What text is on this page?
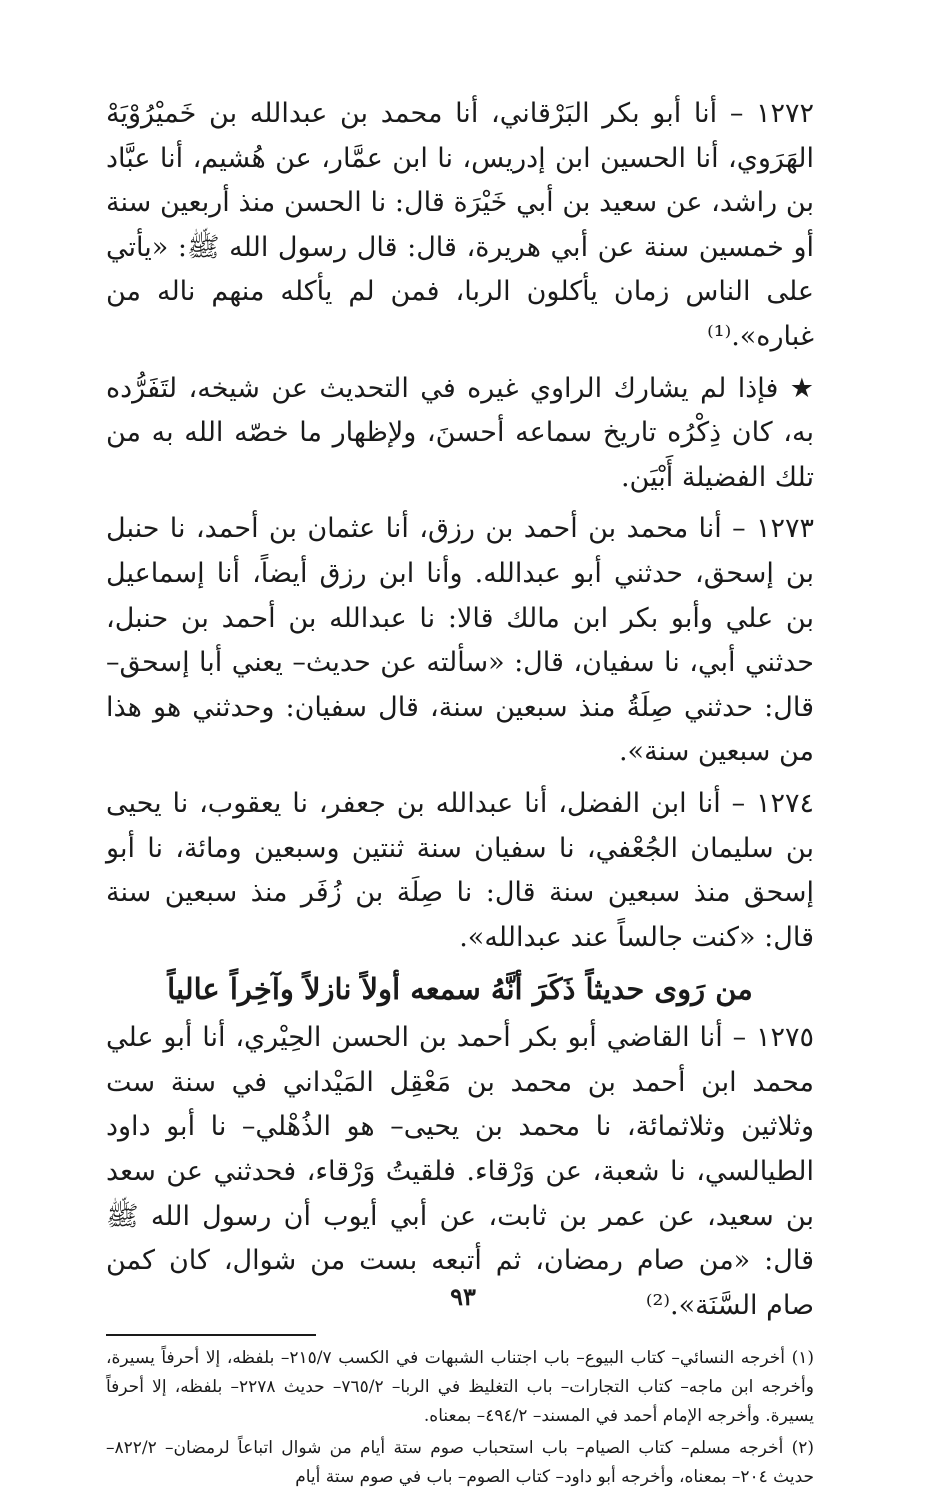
١٢٧٢ – أنا أبو بكر البَرْقاني، أنا محمد بن عبدالله بن خَميْرُوْيَهْ الهَرَوي، أنا الحسين ابن إدريس، نا ابن عمَّار، عن هُشيم، أنا عبَّاد بن راشد، عن سعيد بن أبي خَيْرَة قال: نا الحسن منذ أربعين سنة أو خمسين سنة عن أبي هريرة، قال: قال رسول الله ﷺ: «يأتي على الناس زمان يأكلون الربا، فمن لم يأكله منهم ناله من غباره».⁽¹⁾

★ فإذا لم يشارك الراوي غيره في التحديث عن شيخه، لتَفَرُّده به، كان ذِكْرُه تاريخ سماعه أحسنَ، ولإظهار ما خصّه الله به من تلك الفضيلة أَبْيَن.

١٢٧٣ – أنا محمد بن أحمد بن رزق، أنا عثمان بن أحمد، نا حنبل بن إسحق، حدثني أبو عبدالله. وأنا ابن رزق أيضاً، أنا إسماعيل بن علي وأبو بكر ابن مالك قالا: نا عبدالله بن أحمد بن حنبل، حدثني أبي، نا سفيان، قال: «سألته عن حديث– يعني أبا إسحق– قال: حدثني صِلَةُ منذ سبعين سنة، قال سفيان: وحدثني هو هذا من سبعين سنة».

١٢٧٤ – أنا ابن الفضل، أنا عبدالله بن جعفر، نا يعقوب، نا يحيى بن سليمان الجُعْفي، نا سفيان سنة ثنتين وسبعين ومائة، نا أبو إسحق منذ سبعين سنة قال: نا صِلَة بن زُفَر منذ سبعين سنة قال: «كنت جالساً عند عبدالله».

من رَوى حديثاً ذَكَرَ أنَّهُ سمعه أولاً نازلاً وآخِراً عالياً

١٢٧٥ – أنا القاضي أبو بكر أحمد بن الحسن الحِيْري، أنا أبو علي محمد ابن أحمد بن محمد بن مَعْقِل المَيْداني في سنة ست وثلاثين وثلاثمائة، نا محمد بن يحيى– هو الذُهْلي– نا أبو داود الطيالسي، نا شعبة، عن وَرْقاء. فلقيتُ وَرْقاء، فحدثني عن سعد بن سعيد، عن عمر بن ثابت، عن أبي أيوب أن رسول الله ﷺ قال: «من صام رمضان، ثم أتبعه بست من شوال، كان كمن صام السَّنَة».⁽²⁾

(١) أخرجه النسائي– كتاب البيوع– باب اجتناب الشبهات في الكسب ٢١٥/٧– بلفظه، إلا أحرفاً يسيرة، وأخرجه ابن ماجه– كتاب التجارات– باب التغليظ في الربا– ٧٦٥/٢– حديث ٢٢٧٨– بلفظه، إلا أحرفاً يسيرة. وأخرجه الإمام أحمد في المسند– ٤٩٤/٢– بمعناه.

(٢) أخرجه مسلم– كتاب الصيام– باب استحباب صوم ستة أيام من شوال اتباعاً لرمضان– ٨٢٢/٢– حديث ٢٠٤– بمعناه، وأخرجه أبو داود– كتاب الصوم– باب في صوم ستة أيام

٩٣
